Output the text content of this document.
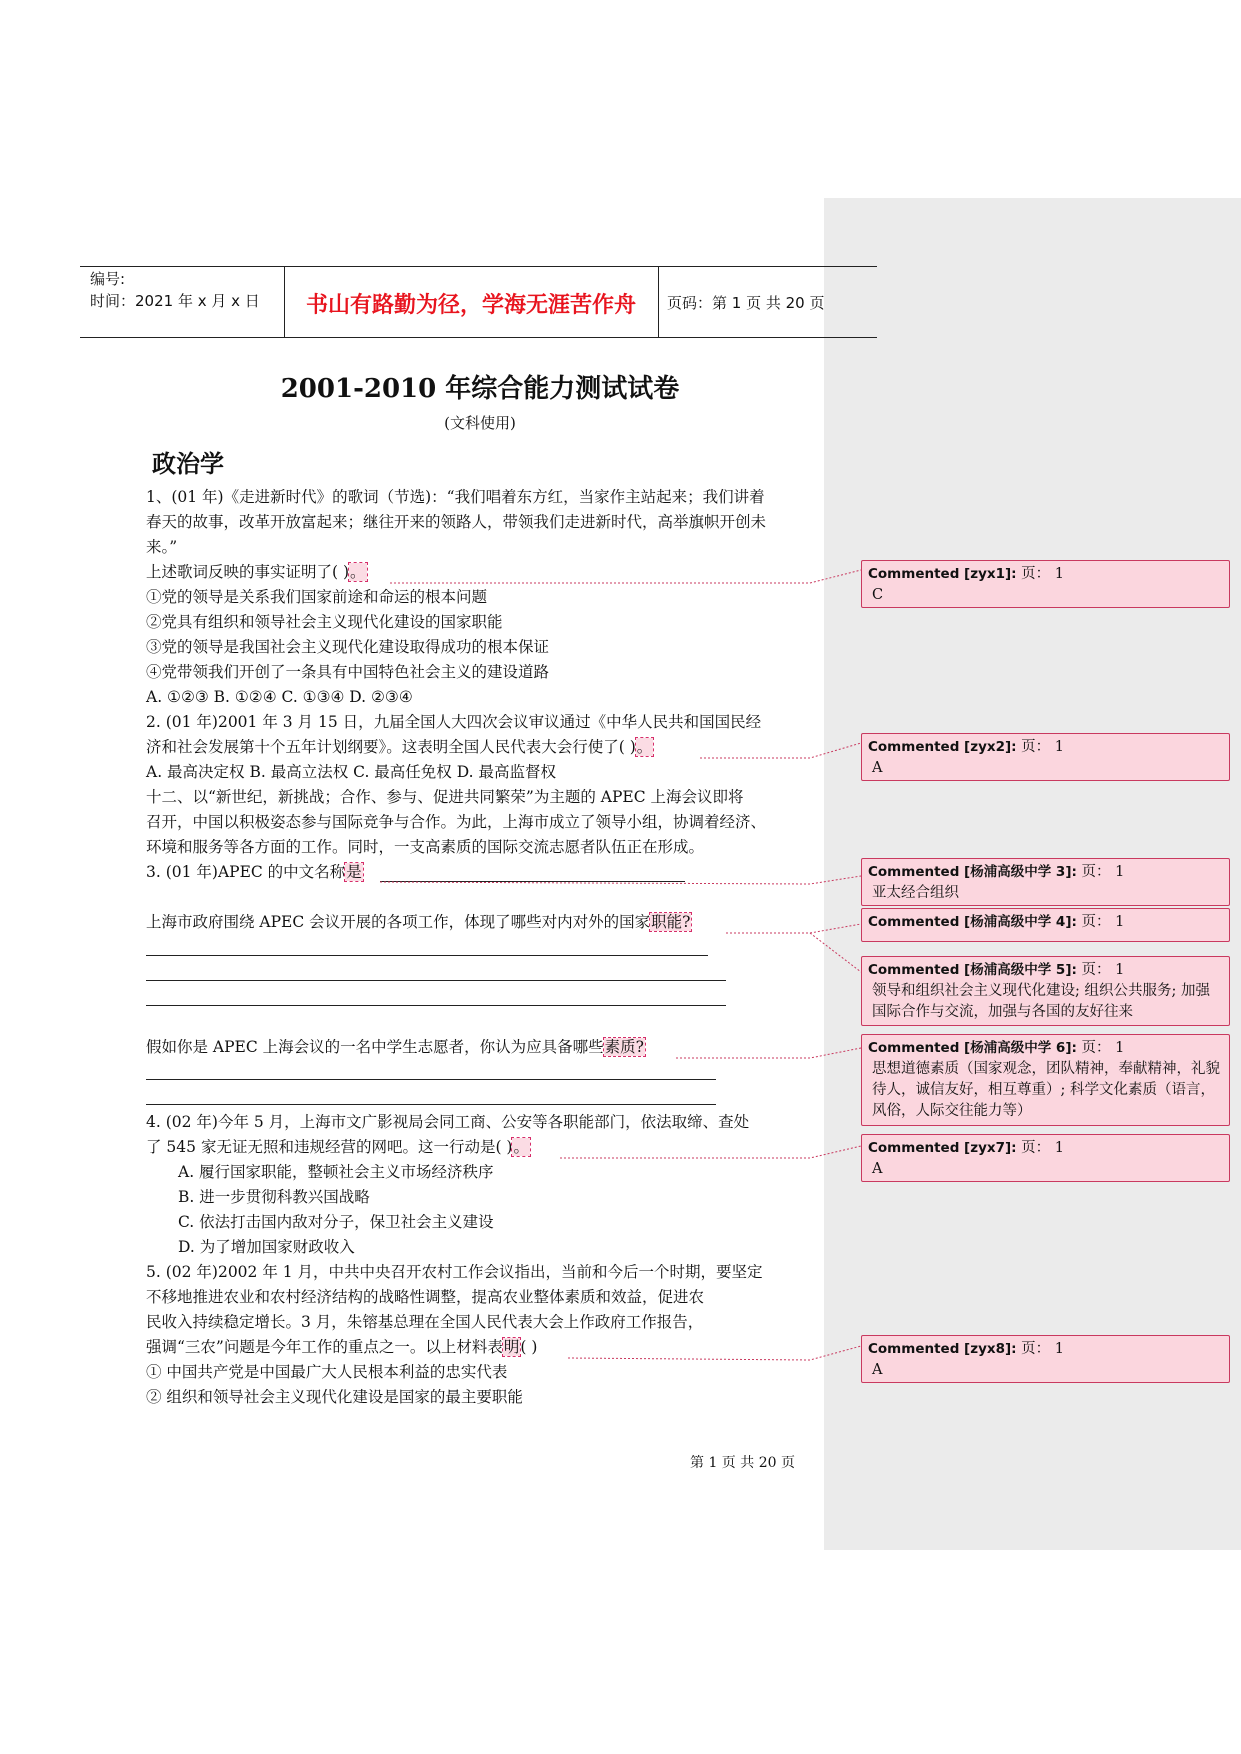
编号:
时间：2021 年 x 月 x 日	书山有路勤为径，学海无涯苦作舟	页码：第 1 页 共 20 页
2001-2010 年综合能力测试试卷
(文科使用)
政治学
1、(01 年)《走进新时代》的歌词（节选)：“我们唱着东方红，当家作主站起来；我们讲着
春天的故事，改革开放富起来；继往开来的领路人，带领我们走进新时代，高举旗帜开创未
来。”
上述歌词反映的事实证明了( )。
①党的领导是关系我们国家前途和命运的根本问题
②党具有组织和领导社会主义现代化建设的国家职能
③党的领导是我国社会主义现代化建设取得成功的根本保证
④党带领我们开创了一条具有中国特色社会主义的建设道路
A. ①②③ B. ①②④ C. ①③④ D. ②③④
2. (01 年)2001 年 3 月 15 日，九届全国人大四次会议审议通过《中华人民共和国国民经
济和社会发展第十个五年计划纲要》。这表明全国人民代表大会行使了( )。
A. 最高决定权 B. 最高立法权 C. 最高任免权 D. 最高监督权
十二、以“新世纪，新挑战；合作、参与、促进共同繁荣”为主题的 APEC 上海会议即将
召开，中国以积极姿态参与国际竞争与合作。为此，上海市成立了领导小组，协调着经济、
环境和服务等各方面的工作。同时，一支高素质的国际交流志愿者队伍正在形成。
3. (01 年)APEC 的中文名称是
上海市政府围绕 APEC 会议开展的各项工作，体现了哪些对内对外的国家职能?
假如你是 APEC 上海会议的一名中学生志愿者，你认为应具备哪些素质?
4. (02 年)今年 5 月，上海市文广影视局会同工商、公安等各职能部门，依法取缔、查处
了 545 家无证无照和违规经营的网吧。这一行动是( )。
A. 履行国家职能，整顿社会主义市场经济秩序
B. 进一步贯彻科教兴国战略
C. 依法打击国内敌对分子，保卫社会主义建设
D. 为了增加国家财政收入
5. (02 年)2002 年 1 月，中共中央召开农村工作会议指出，当前和今后一个时期，要坚定
不移地推进农业和农村经济结构的战略性调整，提高农业整体素质和效益，促进农
民收入持续稳定增长。3 月，朱镕基总理在全国人民代表大会上作政府工作报告，
强调“三农”问题是今年工作的重点之一。以上材料表明( )
① 中国共产党是中国最广大人民根本利益的忠实代表
② 组织和领导社会主义现代化建设是国家的最主要职能
第 1 页 共 20 页
Commented [zyx1]: 页： 1
C
Commented [zyx2]: 页： 1
A
Commented [杨浦高级中学 3]: 页： 1
亚太经合组织
Commented [杨浦高级中学 4]: 页： 1
Commented [杨浦高级中学 5]: 页： 1
领导和组织社会主义现代化建设; 组织公共服务; 加强国际合作与交流，加强与各国的友好往来
Commented [杨浦高级中学 6]: 页： 1
思想道德素质（国家观念，团队精神，奉献精神，礼貌待人，诚信友好，相互尊重）; 科学文化素质（语言，风俗，人际交往能力等）
Commented [zyx7]: 页： 1
A
Commented [zyx8]: 页： 1
A
